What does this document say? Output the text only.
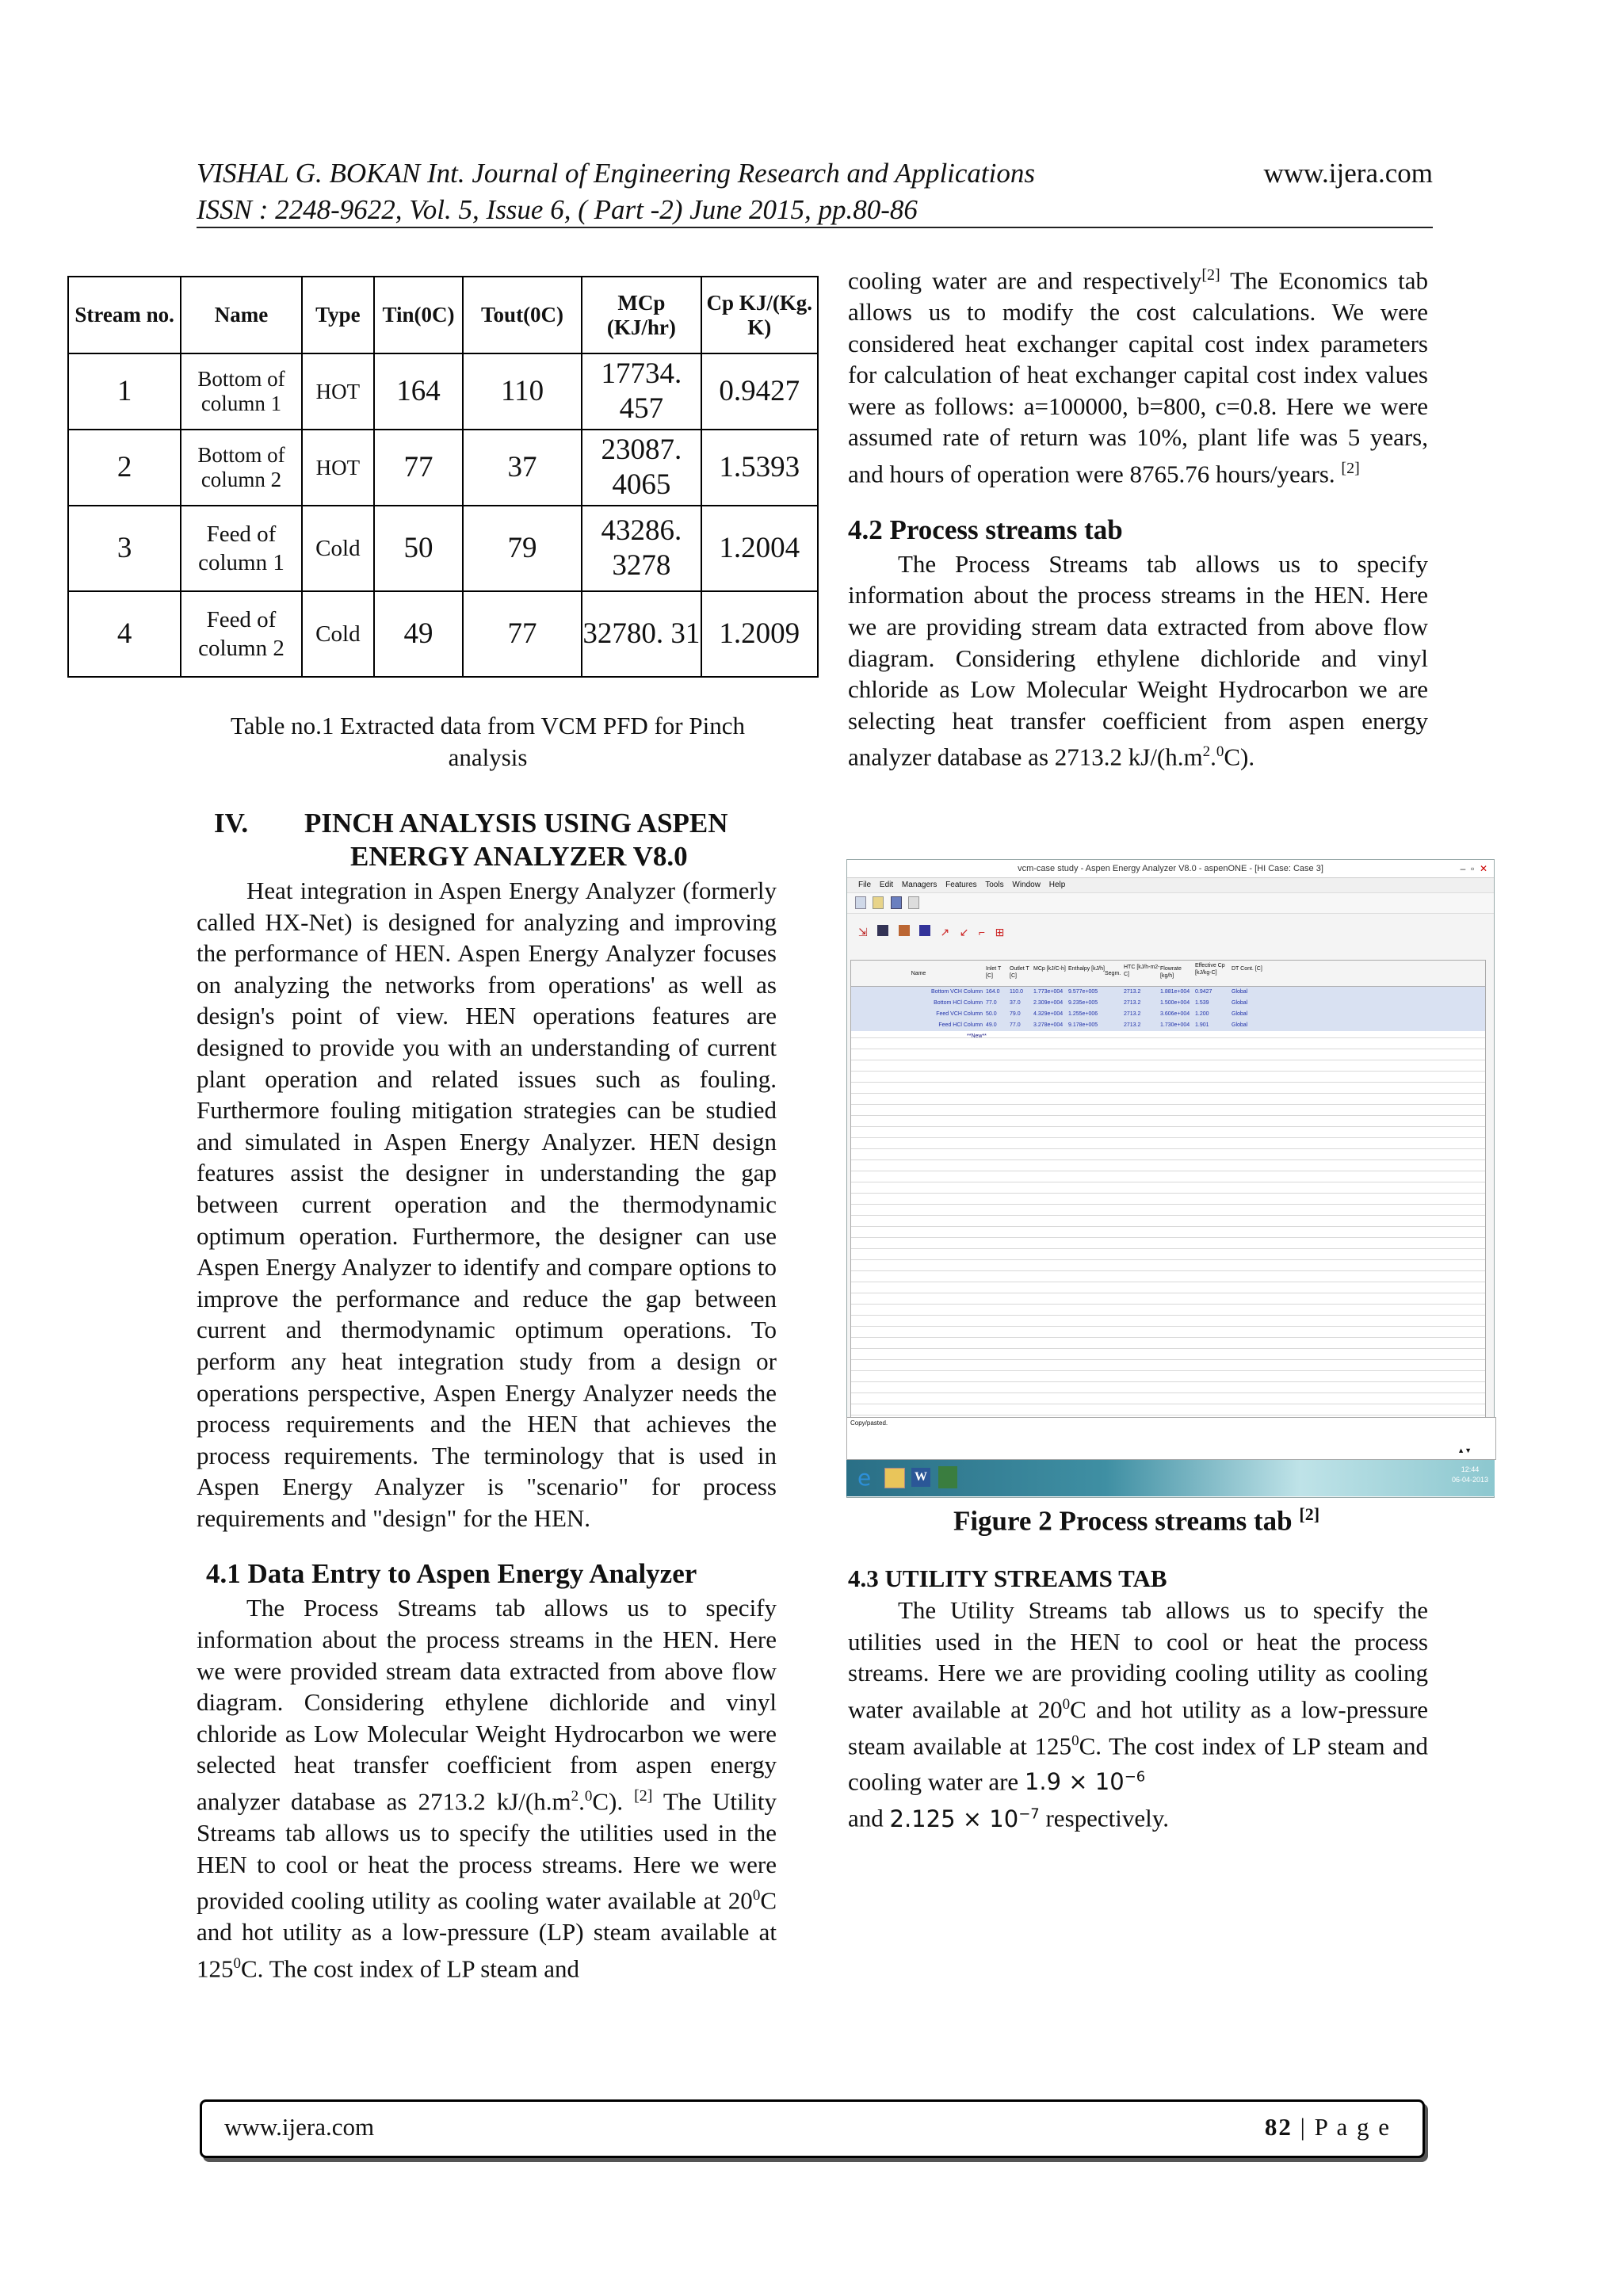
VISHAL G. BOKAN Int. Journal of Engineering Research and Applications
ISSN : 2248-9622, Vol. 5, Issue 6, ( Part -2) June 2015, pp.80-86
www.ijera.com
Stream no.	Name	Type	Tin(0C)	Tout(0C)	MCp (KJ/hr)	Cp KJ/(Kg. K)
1	Bottom of column 1	HOT	164	110	17734. 457	0.9427
2	Bottom of column 2	HOT	77	37	23087. 4065	1.5393
3	Feed of column 1	Cold	50	79	43286. 3278	1.2004
4	Feed of column 2	Cold	49	77	32780. 31	1.2009
Table no.1 Extracted data from VCM PFD for Pinch analysis
IV. PINCH ANALYSIS USING ASPEN
ENERGY ANALYZER V8.0

Heat integration in Aspen Energy Analyzer (formerly called HX-Net) is designed for analyzing and improving the performance of HEN. Aspen Energy Analyzer focuses on analyzing the networks from operations' as well as design's point of view. HEN operations features are designed to provide you with an understanding of current plant operation and related issues such as fouling. Furthermore fouling mitigation strategies can be studied and simulated in Aspen Energy Analyzer. HEN design features assist the designer in understanding the gap between current operation and the thermodynamic optimum operation. Furthermore, the designer can use Aspen Energy Analyzer to identify and compare options to improve the performance and reduce the gap between current and thermodynamic optimum operations. To perform any heat integration study from a design or operations perspective, Aspen Energy Analyzer needs the process requirements and the HEN that achieves the process requirements. The terminology that is used in Aspen Energy Analyzer is "scenario" for process requirements and "design" for the HEN.

4.1 Data Entry to Aspen Energy Analyzer

The Process Streams tab allows us to specify information about the process streams in the HEN. Here we were provided stream data extracted from above flow diagram. Considering ethylene dichloride and vinyl chloride as Low Molecular Weight Hydrocarbon we were selected heat transfer coefficient from aspen energy analyzer database as 2713.2 $kJ/(h.m^2.^0C)$. [2] The Utility Streams tab allows us to specify the utilities used in the HEN to cool or heat the process streams. Here we were provided cooling utility as cooling water available at $20^0C$ and hot utility as a low-pressure (LP) steam available at $125^0C$. The cost index of LP steam and

cooling water are and respectively[2] The Economics tab allows us to modify the cost calculations. We were considered heat exchanger capital cost index parameters for calculation of heat exchanger capital cost index values were as follows: a=100000, b=800, c=0.8. Here we were assumed rate of return was 10%, plant life was 5 years, and hours of operation were 8765.76 hours/years. [2]

4.2 Process streams tab

The Process Streams tab allows us to specify information about the process streams in the HEN. Here we are providing stream data extracted from above flow diagram. Considering ethylene dichloride and vinyl chloride as Low Molecular Weight Hydrocarbon we are selecting heat transfer coefficient from aspen energy analyzer database as 2713.2 $kJ/(h.m^2.^0C)$.

vcm-case study - Aspen Energy Analyzer V8.0 - aspenONE - [HI Case: Case 3]	–  ▫  ✕
File Edit Managers Features Tools Window Help

⇲	↗ ↙ ⌐ ⊞
Name
Inlet T [C]
Outlet T [C]
MCp [kJ/C-h] Enthalpy [kJ/h]
Segm.
HTC [kJ/h-m2-C]
Flowrate [kg/h]
Effective Cp [kJ/kg-C]
DT Cont. [C]
Bottom VCH Column 164.0	110.0	1.773e+004 9.577e+005	2713.2	1.881e+004 0.9427	Global
Bottom HCl Column 77.0	37.0	2.309e+004 9.235e+005	2713.2	1.500e+004 1.539	Global
Feed VCH Column 50.0	79.0	4.329e+004 1.255e+006	2713.2	3.606e+004 1.200	Global
Feed HCl Column 49.0	77.0	3.278e+004 9.178e+005	2713.2	1.730e+004 1.901	Global
**New**
Copy/pasted.
▲▼
e	W
12:44
06-04-2013
Figure 2 Process streams tab [2]
4.3 UTILITY STREAMS TAB

The Utility Streams tab allows us to specify the utilities used in the HEN to cool or heat the process streams. Here we are providing cooling utility as cooling water available at $20^0C$ and hot utility as a low-pressure steam available at $125^0C$. The cost index of LP steam and cooling water are $1.9 \times 10^{-6}$

and $2.125 \times 10^{-7}$ respectively.

www.ijera.com	82 | P a g e
